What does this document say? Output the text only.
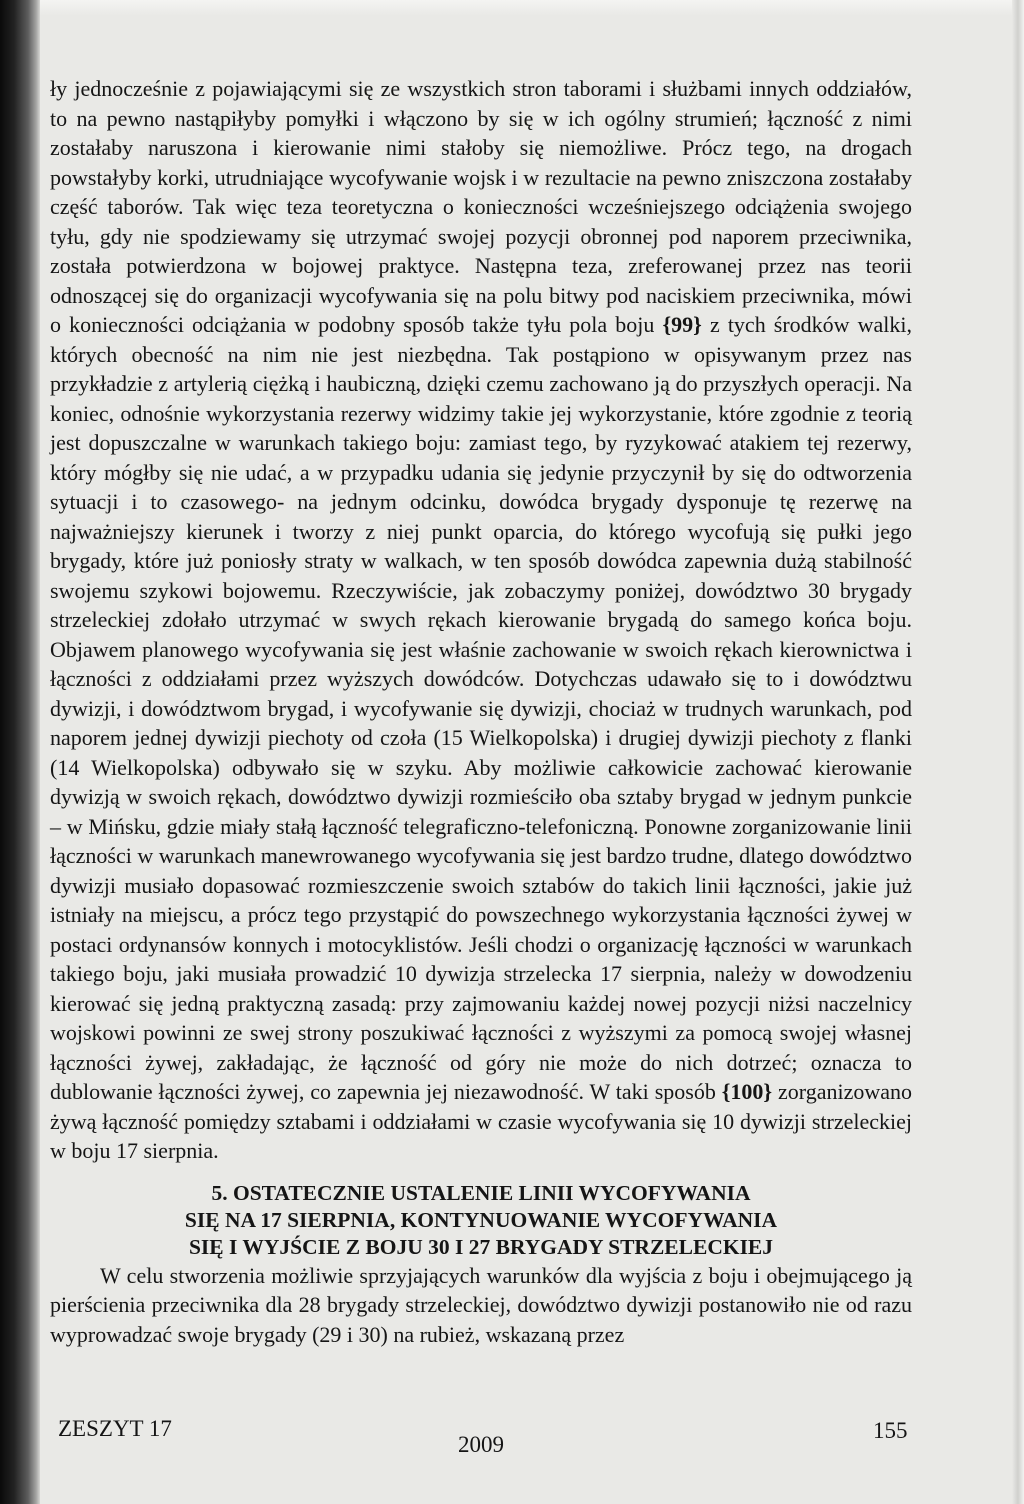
ły jednocześnie z pojawiającymi się ze wszystkich stron taborami i służbami innych oddziałów, to na pewno nastąpiłyby pomyłki i włączono by się w ich ogólny strumień; łączność z nimi zostałaby naruszona i kierowanie nimi stałoby się niemożliwe. Prócz tego, na drogach powstałyby korki, utrudniające wycofywanie wojsk i w rezultacie na pewno zniszczona zostałaby część taborów. Tak więc teza teoretyczna o konieczności wcześniejszego odciążenia swojego tyłu, gdy nie spodziewamy się utrzymać swojej pozycji obronnej pod naporem przeciwnika, została potwierdzona w bojowej praktyce. Następna teza, zreferowanej przez nas teorii odnoszącej się do organizacji wycofywania się na polu bitwy pod naciskiem przeciwnika, mówi o konieczności odciążania w podobny sposób także tyłu pola boju {99} z tych środków walki, których obecność na nim nie jest niezbędna. Tak postąpiono w opisywanym przez nas przykładzie z artylerią ciężką i haubiczną, dzięki czemu zachowano ją do przyszłych operacji. Na koniec, odnośnie wykorzystania rezerwy widzimy takie jej wykorzystanie, które zgodnie z teorią jest dopuszczalne w warunkach takiego boju: zamiast tego, by ryzykować atakiem tej rezerwy, który mógłby się nie udać, a w przypadku udania się jedynie przyczynił by się do odtworzenia sytuacji i to czasowego- na jednym odcinku, dowódca brygady dysponuje tę rezerwę na najważniejszy kierunek i tworzy z niej punkt oparcia, do którego wycofują się pułki jego brygady, które już poniosły straty w walkach, w ten sposób dowódca zapewnia dużą stabilność swojemu szykowi bojowemu. Rzeczywiście, jak zobaczymy poniżej, dowództwo 30 brygady strzeleckiej zdołało utrzymać w swych rękach kierowanie brygadą do samego końca boju. Objawem planowego wycofywania się jest właśnie zachowanie w swoich rękach kierownictwa i łączności z oddziałami przez wyższych dowódców. Dotychczas udawało się to i dowództwu dywizji, i dowództwom brygad, i wycofywanie się dywizji, chociaż w trudnych warunkach, pod naporem jednej dywizji piechoty od czoła (15 Wielkopolska) i drugiej dywizji piechoty z flanki (14 Wielkopolska) odbywało się w szyku. Aby możliwie całkowicie zachować kierowanie dywizją w swoich rękach, dowództwo dywizji rozmieściło oba sztaby brygad w jednym punkcie – w Mińsku, gdzie miały stałą łączność telegraficzno-telefoniczną. Ponowne zorganizowanie linii łączności w warunkach manewrowanego wycofywania się jest bardzo trudne, dlatego dowództwo dywizji musiało dopasować rozmieszczenie swoich sztabów do takich linii łączności, jakie już istniały na miejscu, a prócz tego przystąpić do powszechnego wykorzystania łączności żywej w postaci ordynansów konnych i motocyklistów. Jeśli chodzi o organizację łączności w warunkach takiego boju, jaki musiała prowadzić 10 dywizja strzelecka 17 sierpnia, należy w dowodzeniu kierować się jedną praktyczną zasadą: przy zajmowaniu każdej nowej pozycji niżsi naczelnicy wojskowi powinni ze swej strony poszukiwać łączności z wyższymi za pomocą swojej własnej łączności żywej, zakładając, że łączność od góry nie może do nich dotrzeć; oznacza to dublowanie łączności żywej, co zapewnia jej niezawodność. W taki sposób {100} zorganizowano żywą łączność pomiędzy sztabami i oddziałami w czasie wycofywania się 10 dywizji strzeleckiej w boju 17 sierpnia.

5. OSTATECZNIE USTALENIE LINII WYCOFYWANIA
SIĘ NA 17 SIERPNIA, KONTYNUOWANIE WYCOFYWANIA
SIĘ I WYJŚCIE Z BOJU 30 I 27 BRYGADY STRZELECKIEJ

W celu stworzenia możliwie sprzyjających warunków dla wyjścia z boju i obejmującego ją pierścienia przeciwnika dla 28 brygady strzeleckiej, dowództwo dywizji postanowiło nie od razu wyprowadzać swoje brygady (29 i 30) na rubież, wskazaną przez

ZESZYT 17
2009
155
